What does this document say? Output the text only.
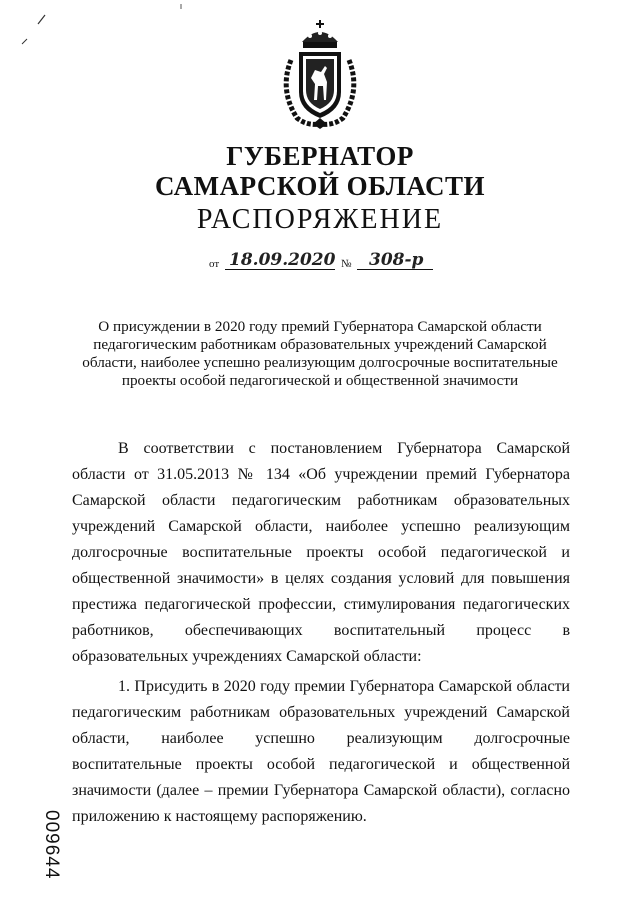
ГУБЕРНАТОР
САМАРСКОЙ ОБЛАСТИ
РАСПОРЯЖЕНИЕ
от 18.09.2020 № 308-р
О присуждении в 2020 году премий Губернатора Самарской области педагогическим работникам образовательных учреждений Самарской области, наиболее успешно реализующим долгосрочные воспитательные проекты особой педагогической и общественной значимости
В соответствии с постановлением Губернатора Самарской области от 31.05.2013 № 134 «Об учреждении премий Губернатора Самарской области педагогическим работникам образовательных учреждений Самарской области, наиболее успешно реализующим долгосрочные воспитательные проекты особой педагогической и общественной значимости» в целях создания условий для повышения престижа педагогической профессии, стимулирования педагогических работников, обеспечивающих воспитательный процесс в образовательных учреждениях Самарской области:
1. Присудить в 2020 году премии Губернатора Самарской области педагогическим работникам образовательных учреждений Самарской области, наиболее успешно реализующим долгосрочные воспитательные проекты особой педагогической и общественной значимости (далее – премии Губернатора Самарской области), согласно приложению к настоящему распоряжению.
009644
